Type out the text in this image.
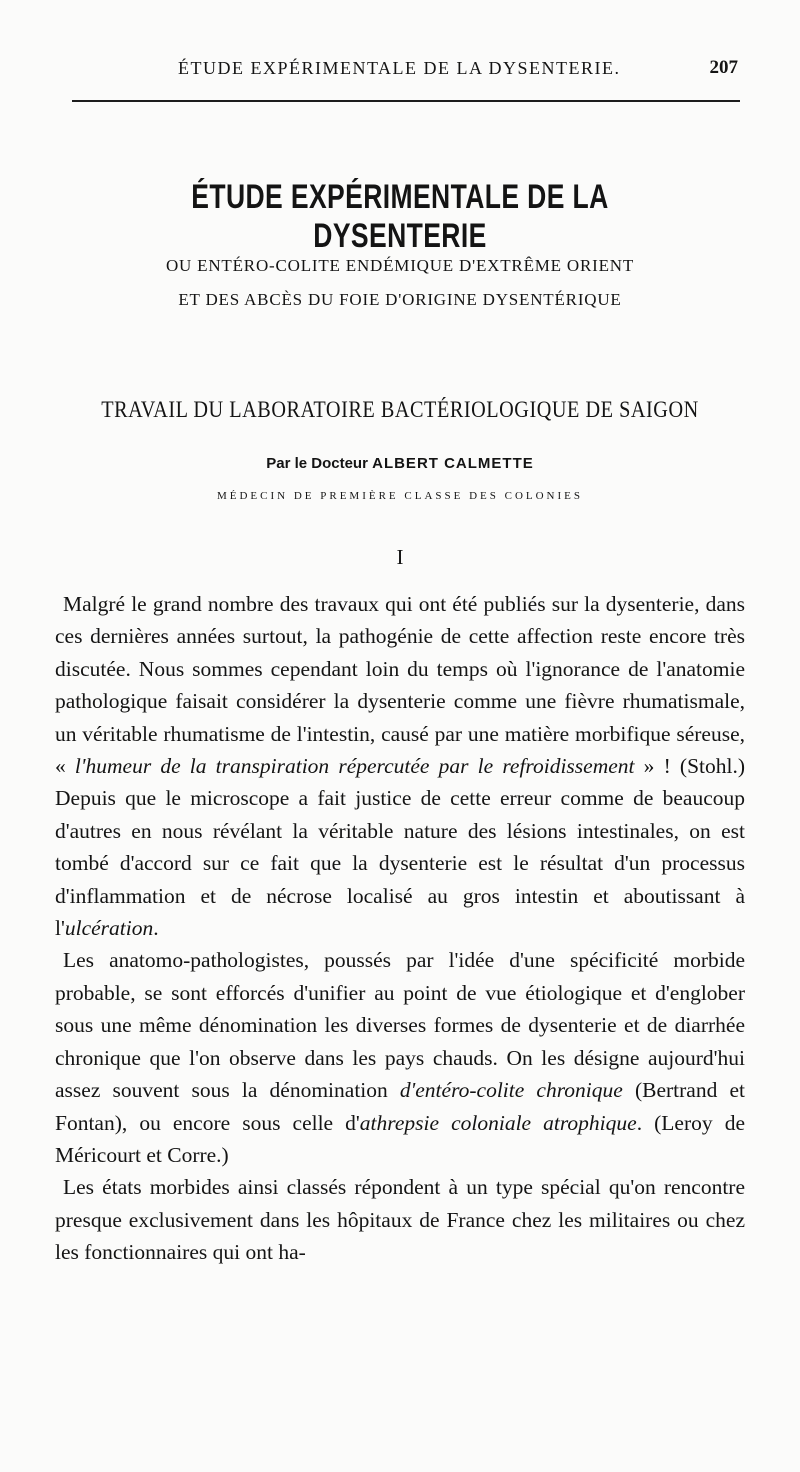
ÉTUDE EXPÉRIMENTALE DE LA DYSENTERIE.	207
ÉTUDE EXPÉRIMENTALE DE LA DYSENTERIE
OU ENTÉRO-COLITE ENDÉMIQUE D'EXTRÊME ORIENT
ET DES ABCÈS DU FOIE D'ORIGINE DYSENTÉRIQUE
TRAVAIL DU LABORATOIRE BACTÉRIOLOGIQUE DE SAIGON
Par le Docteur ALBERT CALMETTE
MÉDECIN DE PREMIÈRE CLASSE DES COLONIES
I

Malgré le grand nombre des travaux qui ont été publiés sur la dysenterie, dans ces dernières années surtout, la pathogénie de cette affection reste encore très discutée. Nous sommes cependant loin du temps où l'ignorance de l'anatomie pathologique faisait considérer la dysenterie comme une fièvre rhumatismale, un véritable rhumatisme de l'intestin, causé par une matière morbifique séreuse, « l'humeur de la transpiration répercutée par le refroidissement » ! (Stohl.) Depuis que le microscope a fait justice de cette erreur comme de beaucoup d'autres en nous révélant la véritable nature des lésions intestinales, on est tombé d'accord sur ce fait que la dysenterie est le résultat d'un processus d'inflammation et de nécrose localisé au gros intestin et aboutissant à l'ulcération.

Les anatomo-pathologistes, poussés par l'idée d'une spécificité morbide probable, se sont efforcés d'unifier au point de vue étiologique et d'englober sous une même dénomination les diverses formes de dysenterie et de diarrhée chronique que l'on observe dans les pays chauds. On les désigne aujourd'hui assez souvent sous la dénomination d'entéro-colite chronique (Bertrand et Fontan), ou encore sous celle d'athrepsie coloniale atrophique. (Leroy de Méricourt et Corre.)

Les états morbides ainsi classés répondent à un type spécial qu'on rencontre presque exclusivement dans les hôpitaux de France chez les militaires ou chez les fonctionnaires qui ont ha-
